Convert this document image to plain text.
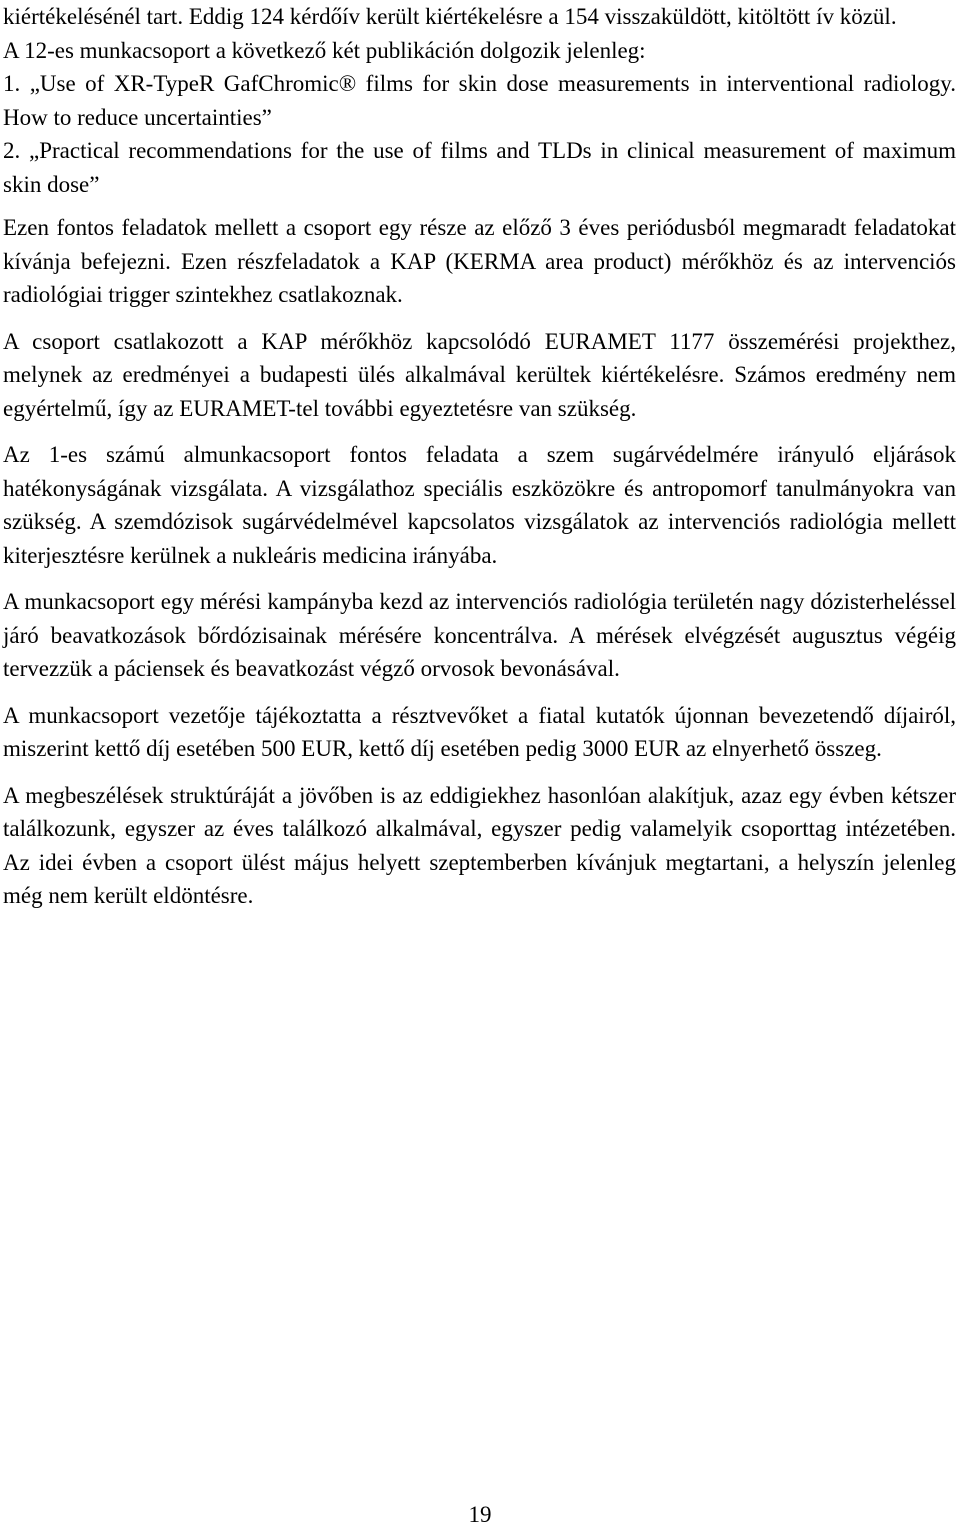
kiértékelésénél tart. Eddig 124 kérdőív került kiértékelésre a 154 visszaküldött, kitöltött ív közül.

A 12-es munkacsoport a következő két publikáción dolgozik jelenleg:

1. „Use of XR-TypeR GafChromic® films for skin dose measurements in interventional radiology. How to reduce uncertainties”

2. „Practical recommendations for the use of films and TLDs in clinical measurement of maximum skin dose”

Ezen fontos feladatok mellett a csoport egy része az előző 3 éves periódusból megmaradt feladatokat kívánja befejezni. Ezen részfeladatok a KAP (KERMA area product) mérőkhöz és az intervenciós radiológiai trigger szintekhez csatlakoznak.

A csoport csatlakozott a KAP mérőkhöz kapcsolódó EURAMET 1177 összemérési projekthez, melynek az eredményei a budapesti ülés alkalmával kerültek kiértékelésre. Számos eredmény nem egyértelmű, így az EURAMET-tel további egyeztetésre van szükség.

Az 1-es számú almunkacsoport fontos feladata a szem sugárvédelmére irányuló eljárások hatékonyságának vizsgálata. A vizsgálathoz speciális eszközökre és antropomorf tanulmányokra van szükség. A szemdózisok sugárvédelmével kapcsolatos vizsgálatok az intervenciós radiológia mellett kiterjesztésre kerülnek a nukleáris medicina irányába.

A munkacsoport egy mérési kampányba kezd az intervenciós radiológia területén nagy dózisterheléssel járó beavatkozások bőrdózisainak mérésére koncentrálva. A mérések elvégzését augusztus végéig tervezzük a páciensek és beavatkozást végző orvosok bevonásával.

A munkacsoport vezetője tájékoztatta a résztvevőket a fiatal kutatók újonnan bevezetendő díjairól, miszerint kettő díj esetében 500 EUR, kettő díj esetében pedig 3000 EUR az elnyerhető összeg.

A megbeszélések struktúráját a jövőben is az eddigiekhez hasonlóan alakítjuk, azaz egy évben kétszer találkozunk, egyszer az éves találkozó alkalmával, egyszer pedig valamelyik csoporttag intézetében. Az idei évben a csoport ülést május helyett szeptemberben kívánjuk megtartani, a helyszín jelenleg még nem került eldöntésre.

19
